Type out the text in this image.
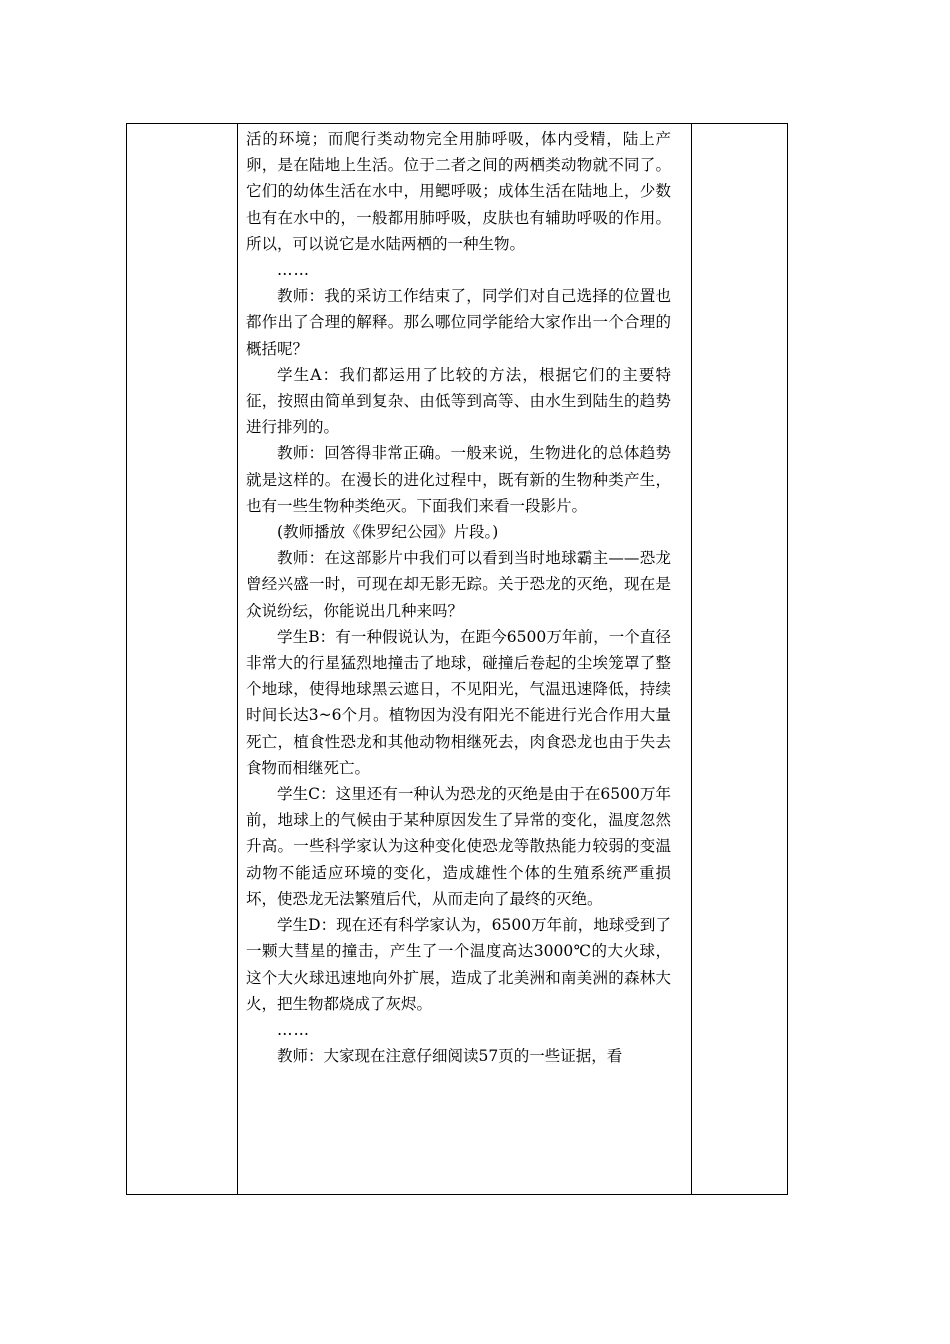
活的环境；而爬行类动物完全用肺呼吸，体内受精，陆上产卵，是在陆地上生活。位于二者之间的两栖类动物就不同了。它们的幼体生活在水中，用鳃呼吸；成体生活在陆地上，少数也有在水中的，一般都用肺呼吸，皮肤也有辅助呼吸的作用。所以，可以说它是水陆两栖的一种生物。

……

教师：我的采访工作结束了，同学们对自己选择的位置也都作出了合理的解释。那么哪位同学能给大家作出一个合理的概括呢？

学生A：我们都运用了比较的方法，根据它们的主要特征，按照由简单到复杂、由低等到高等、由水生到陆生的趋势进行排列的。

教师：回答得非常正确。一般来说，生物进化的总体趋势就是这样的。在漫长的进化过程中，既有新的生物种类产生，也有一些生物种类绝灭。下面我们来看一段影片。

(教师播放《侏罗纪公园》片段。)

教师：在这部影片中我们可以看到当时地球霸主——恐龙曾经兴盛一时，可现在却无影无踪。关于恐龙的灭绝，现在是众说纷纭，你能说出几种来吗？

学生B：有一种假说认为，在距今6500万年前，一个直径非常大的行星猛烈地撞击了地球，碰撞后卷起的尘埃笼罩了整个地球，使得地球黑云遮日，不见阳光，气温迅速降低，持续时间长达3~6个月。植物因为没有阳光不能进行光合作用大量死亡，植食性恐龙和其他动物相继死去，肉食恐龙也由于失去食物而相继死亡。

学生C：这里还有一种认为恐龙的灭绝是由于在6500万年前，地球上的气候由于某种原因发生了异常的变化，温度忽然升高。一些科学家认为这种变化使恐龙等散热能力较弱的变温动物不能适应环境的变化，造成雄性个体的生殖系统严重损坏，使恐龙无法繁殖后代，从而走向了最终的灭绝。

学生D：现在还有科学家认为，6500万年前，地球受到了一颗大彗星的撞击，产生了一个温度高达3000℃的大火球，这个大火球迅速地向外扩展，造成了北美洲和南美洲的森林大火，把生物都烧成了灰烬。

……

教师：大家现在注意仔细阅读57页的一些证据，看
